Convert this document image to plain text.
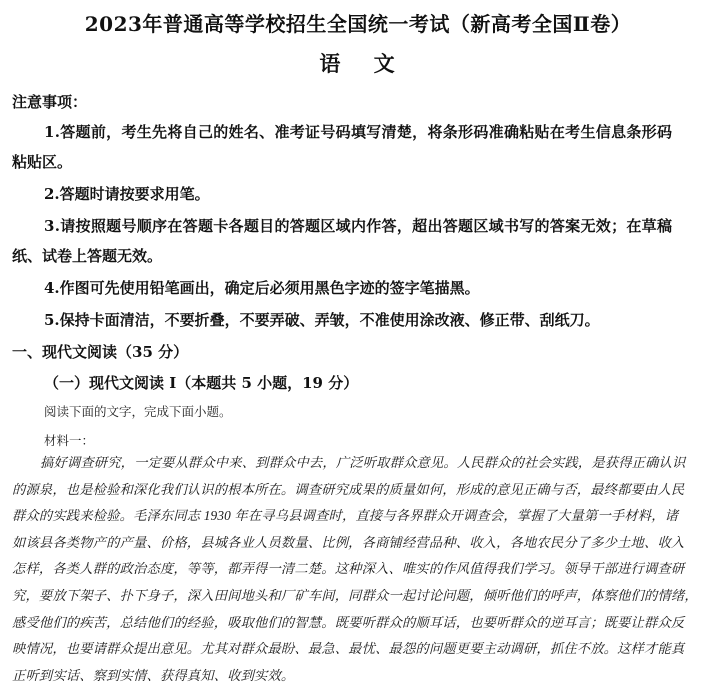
2023年普通高等学校招生全国统一考试（新高考全国Ⅱ卷）
语 文
注意事项：
1.答题前，考生先将自己的姓名、准考证号码填写清楚，将条形码准确粘贴在考生信息条形码
粘贴区。
2.答题时请按要求用笔。
3.请按照题号顺序在答题卡各题目的答题区域内作答，超出答题区域书写的答案无效；在草稿
纸、试卷上答题无效。
4.作图可先使用铅笔画出，确定后必须用黑色字迹的签字笔描黑。
5.保持卡面清洁，不要折叠，不要弄破、弄皱，不准使用涂改液、修正带、刮纸刀。
一、现代文阅读（35 分）
（一）现代文阅读 I（本题共 5 小题，19 分）
阅读下面的文字，完成下面小题。
材料一：
搞好调查研究，一定要从群众中来、到群众中去，广泛听取群众意见。人民群众的社会实践，是获得正确认识
的源泉，也是检验和深化我们认识的根本所在。调查研究成果的质量如何，形成的意见正确与否，最终都要由人民
群众的实践来检验。毛泽东同志 1930 年在寻乌县调查时，直接与各界群众开调查会，掌握了大量第一手材料，诸
如该县各类物产的产量、价格，县城各业人员数量、比例，各商铺经营品种、收入，各地农民分了多少土地、收入
怎样，各类人群的政治态度，等等，都弄得一清二楚。这种深入、唯实的作风值得我们学习。领导干部进行调查研
究，要放下架子、扑下身子，深入田间地头和厂矿车间，同群众一起讨论问题，倾听他们的呼声，体察他们的情绪，
感受他们的疾苦，总结他们的经验，吸取他们的智慧。既要听群众的顺耳话，也要听群众的逆耳言；既要让群众反
映情况，也要请群众提出意见。尤其对群众最盼、最急、最忧、最怨的问题更要主动调研，抓住不放。这样才能真
正听到实话、察到实情、获得真知、收到实效。
